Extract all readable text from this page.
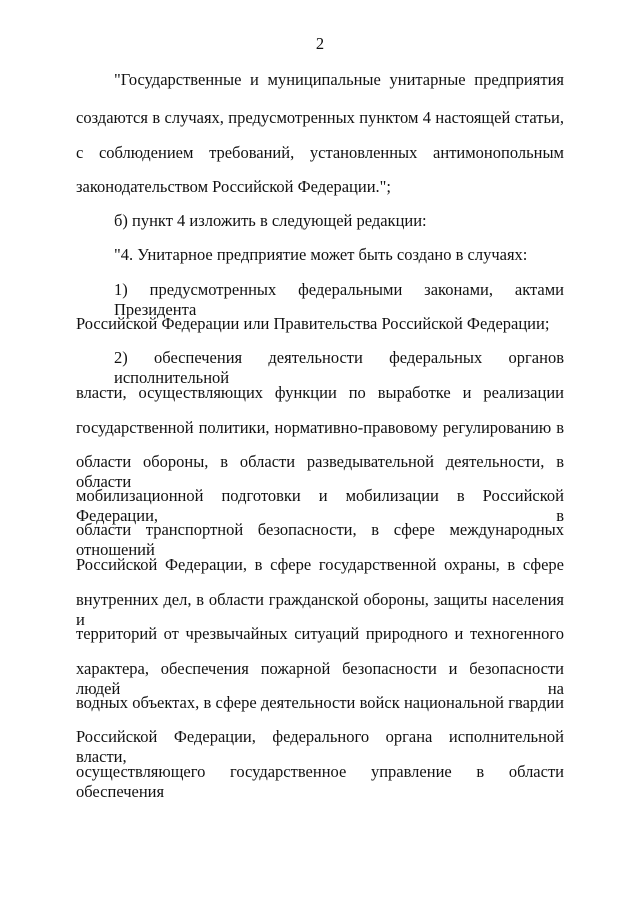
2
"Государственные и муниципальные унитарные предприятия
создаются в случаях, предусмотренных пунктом 4 настоящей статьи,
с соблюдением требований, установленных антимонопольным
законодательством Российской Федерации.";
б) пункт 4 изложить в следующей редакции:
"4. Унитарное предприятие может быть создано в случаях:
1) предусмотренных федеральными законами, актами Президента
Российской Федерации или Правительства Российской Федерации;
2) обеспечения деятельности федеральных органов исполнительной
власти, осуществляющих функции по выработке и реализации
государственной политики, нормативно-правовому регулированию в
области обороны, в области разведывательной деятельности, в области
мобилизационной подготовки и мобилизации в Российской Федерации, в
области транспортной безопасности, в сфере международных отношений
Российской Федерации, в сфере государственной охраны, в сфере
внутренних дел, в области гражданской обороны, защиты населения и
территорий от чрезвычайных ситуаций природного и техногенного
характера, обеспечения пожарной безопасности и безопасности людей на
водных объектах, в сфере деятельности войск национальной гвардии
Российской Федерации, федерального органа исполнительной власти,
осуществляющего государственное управление в области обеспечения
